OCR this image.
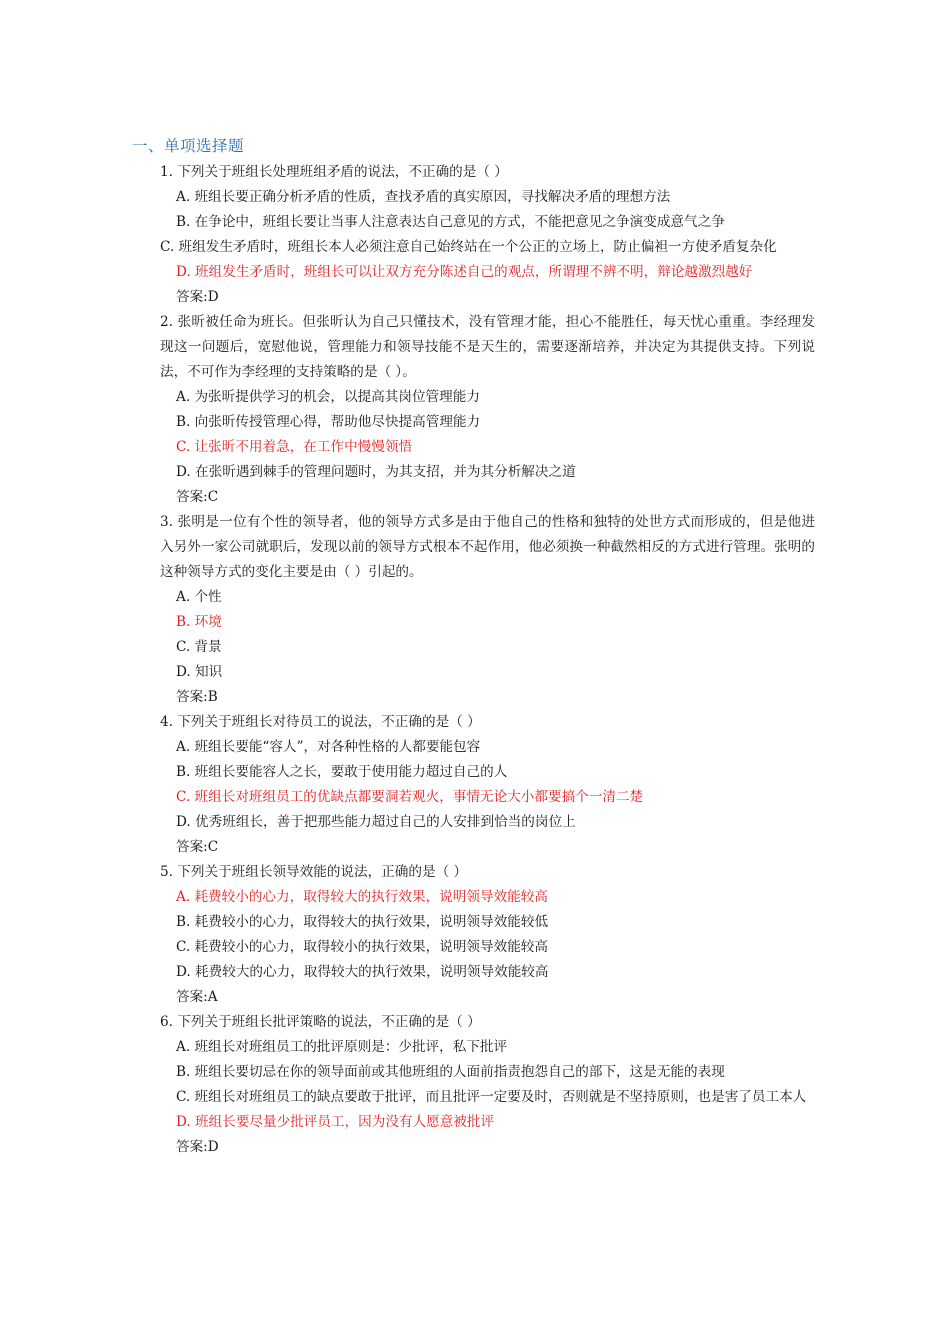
一、单项选择题
1. 下列关于班组长处理班组矛盾的说法，不正确的是（ ）
A. 班组长要正确分析矛盾的性质，查找矛盾的真实原因，寻找解决矛盾的理想方法
B. 在争论中，班组长要让当事人注意表达自己意见的方式，不能把意见之争演变成意气之争
C. 班组发生矛盾时，班组长本人必须注意自己始终站在一个公正的立场上，防止偏袒一方使矛盾复杂化
D. 班组发生矛盾时，班组长可以让双方充分陈述自己的观点，所谓理不辨不明，辩论越激烈越好
答案:D
2. 张昕被任命为班长。但张昕认为自己只懂技术，没有管理才能，担心不能胜任，每天忧心重重。李经理发现这一问题后，宽慰他说，管理能力和领导技能不是天生的，需要逐渐培养，并决定为其提供支持。下列说法，不可作为李经理的支持策略的是（ ）。
A. 为张昕提供学习的机会，以提高其岗位管理能力
B. 向张昕传授管理心得，帮助他尽快提高管理能力
C. 让张昕不用着急，在工作中慢慢领悟
D. 在张昕遇到棘手的管理问题时，为其支招，并为其分析解决之道
答案:C
3. 张明是一位有个性的领导者，他的领导方式多是由于他自己的性格和独特的处世方式而形成的，但是他进入另外一家公司就职后，发现以前的领导方式根本不起作用，他必须换一种截然相反的方式进行管理。张明的这种领导方式的变化主要是由（ ）引起的。
A. 个性
B. 环境
C. 背景
D. 知识
答案:B
4. 下列关于班组长对待员工的说法，不正确的是（ ）
A. 班组长要能“容人”，对各种性格的人都要能包容
B. 班组长要能容人之长，要敢于使用能力超过自己的人
C. 班组长对班组员工的优缺点都要洞若观火，事情无论大小都要搞个一清二楚
D. 优秀班组长，善于把那些能力超过自己的人安排到恰当的岗位上
答案:C
5. 下列关于班组长领导效能的说法，正确的是（ ）
A. 耗费较小的心力，取得较大的执行效果，说明领导效能较高
B. 耗费较小的心力，取得较大的执行效果，说明领导效能较低
C. 耗费较小的心力，取得较小的执行效果，说明领导效能较高
D. 耗费较大的心力，取得较大的执行效果，说明领导效能较高
答案:A
6. 下列关于班组长批评策略的说法，不正确的是（ ）
A. 班组长对班组员工的批评原则是：少批评，私下批评
B. 班组长要切忌在你的领导面前或其他班组的人面前指责抱怨自己的部下，这是无能的表现
C. 班组长对班组员工的缺点要敢于批评，而且批评一定要及时，否则就是不坚持原则，也是害了员工本人
D. 班组长要尽量少批评员工，因为没有人愿意被批评
答案:D
